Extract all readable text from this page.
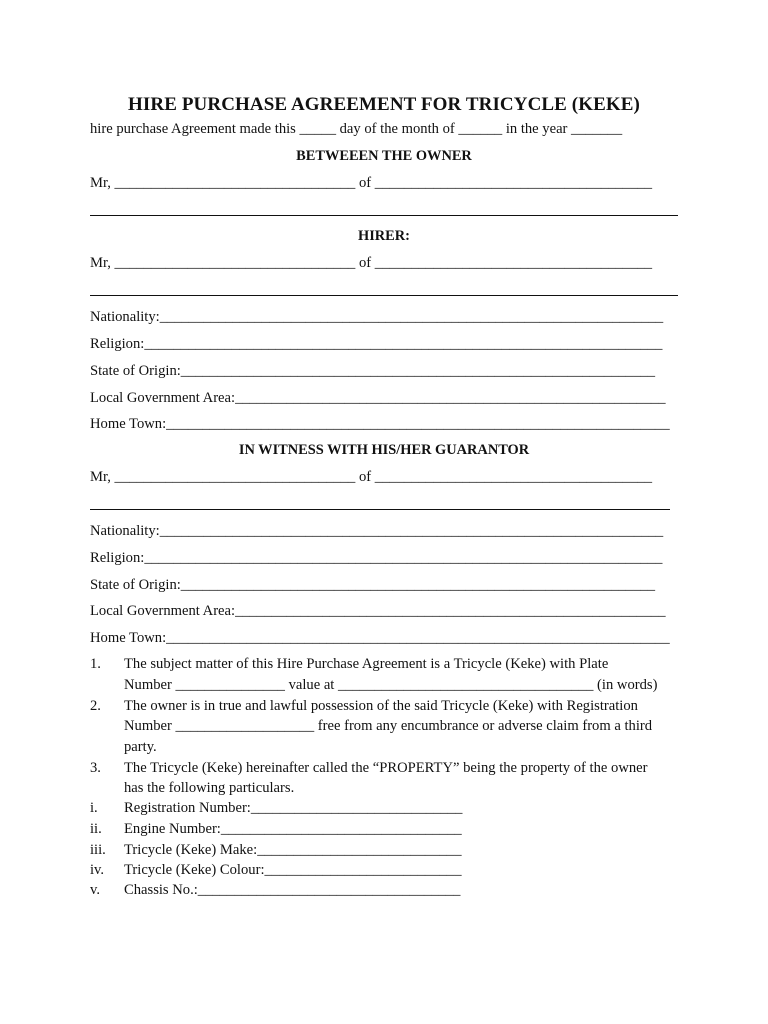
HIRE PURCHASE AGREEMENT FOR TRICYCLE (KEKE)
hire purchase Agreement made this _____ day of the month of ______ in the year _______
BETWEEEN THE OWNER
Mr, _________________________________ of ______________________________________
HIRER:
Mr, _________________________________ of ______________________________________
Nationality:_____________________________________________________________________
Religion:_______________________________________________________________________
State of Origin:_________________________________________________________________
Local Government Area:___________________________________________________________
Home Town:_____________________________________________________________________
IN WITNESS WITH HIS/HER GUARANTOR
Mr, _________________________________ of ______________________________________
Nationality:_____________________________________________________________________
Religion:_______________________________________________________________________
State of Origin:_________________________________________________________________
Local Government Area:___________________________________________________________
Home Town:_____________________________________________________________________
1. The subject matter of this Hire Purchase Agreement is a Tricycle (Keke) with Plate
Number _______________ value at ___________________________________ (in words)
2. The owner is in true and lawful possession of the said Tricycle (Keke) with Registration
Number ___________________ free from any encumbrance or adverse claim from a third
party.
3. The Tricycle (Keke) hereinafter called the “PROPERTY” being the property of the owner
has the following particulars.
i. Registration Number:_____________________________
ii. Engine Number:_________________________________
iii. Tricycle (Keke) Make:____________________________
iv. Tricycle (Keke) Colour:___________________________
v. Chassis No.:____________________________________
